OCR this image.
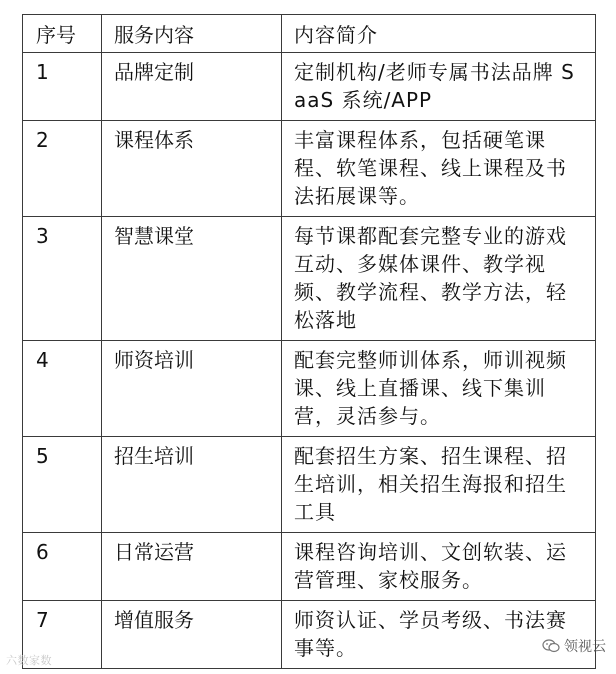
序号	服务内容	内容简介
1	品牌定制	定制机构/老师专属书法品牌 SaaS 系统/APP
2	课程体系	丰富课程体系，包括硬笔课程、软笔课程、线上课程及书法拓展课等。
3	智慧课堂	每节课都配套完整专业的游戏互动、多媒体课件、教学视频、教学流程、教学方法，轻松落地
4	师资培训	配套完整师训体系，师训视频课、线上直播课、线下集训营，灵活参与。
5	招生培训	配套招生方案、招生课程、招生培训，相关招生海报和招生工具
6	日常运营	课程咨询培训、文创软装、运营管理、家校服务。
7	增值服务	师资认证、学员考级、书法赛事等。
六数家数
领视云
